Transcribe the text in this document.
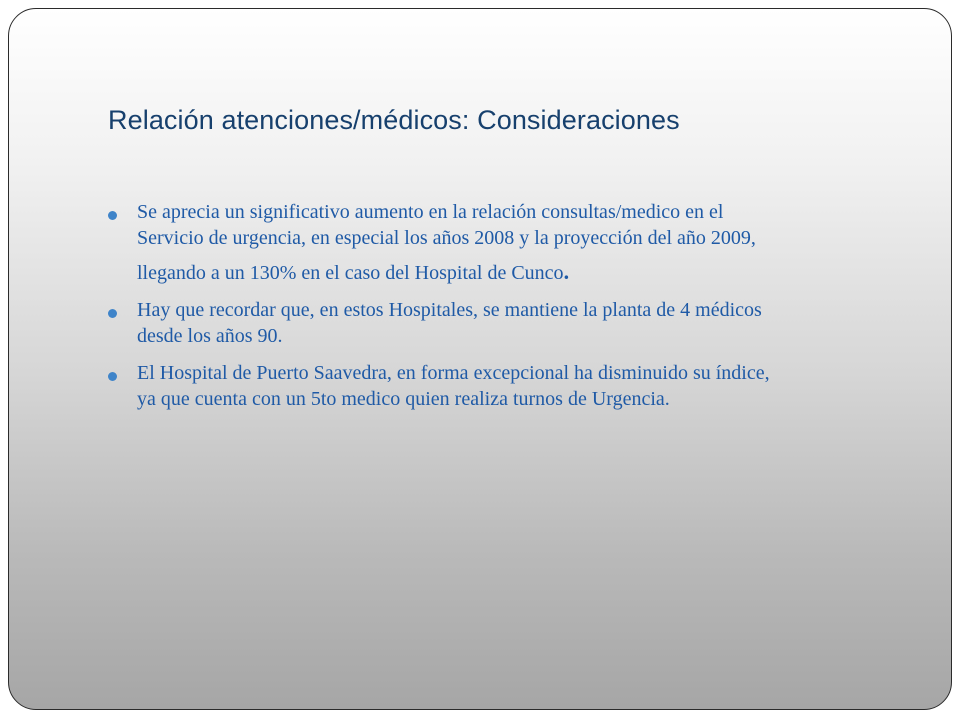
Relación atenciones/médicos: Consideraciones
Se aprecia un significativo aumento en la relación consultas/medico en el
Servicio de urgencia, en especial los años 2008 y la proyección del año 2009,
llegando a un 130% en el caso del Hospital de Cunco.
Hay que recordar que, en estos Hospitales, se mantiene la planta de 4 médicos
desde los años 90.
El Hospital de Puerto Saavedra, en forma excepcional ha disminuido su índice,
ya que cuenta con un 5to medico quien realiza turnos de Urgencia.
